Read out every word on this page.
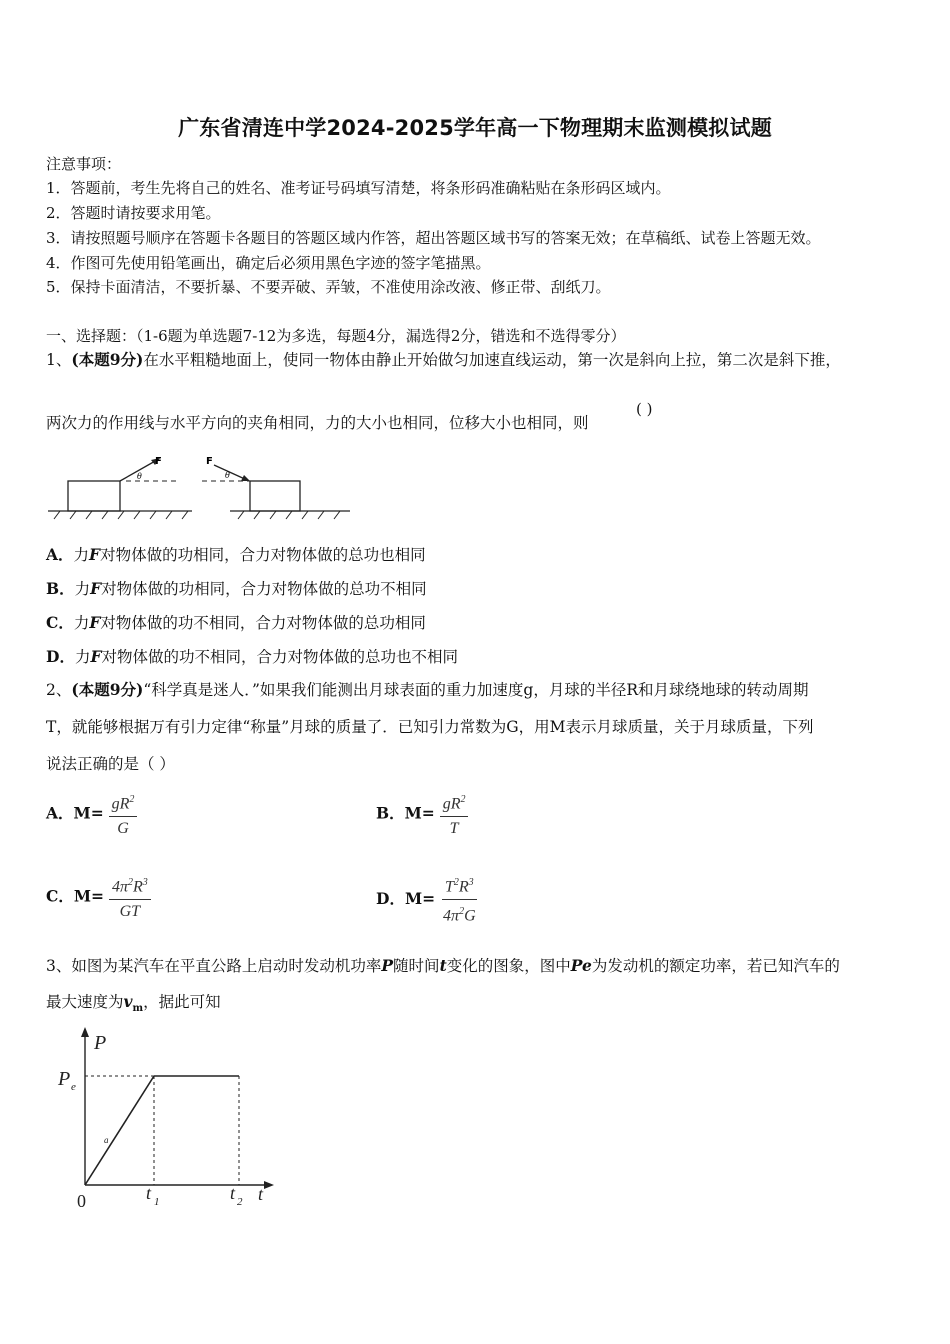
广东省清连中学2024-2025学年高一下物理期末监测模拟试题
注意事项：
1．答题前，考生先将自己的姓名、准考证号码填写清楚，将条形码准确粘贴在条形码区域内。
2．答题时请按要求用笔。
3．请按照题号顺序在答题卡各题目的答题区域内作答，超出答题区域书写的答案无效；在草稿纸、试卷上答题无效。
4．作图可先使用铅笔画出，确定后必须用黑色字迹的签字笔描黑。
5．保持卡面清洁，不要折暴、不要弄破、弄皱，不准使用涂改液、修正带、刮纸刀。
一、选择题：（1-6题为单选题7-12为多选，每题4分，漏选得2分，错选和不选得零分）
1、(本题9分)在水平粗糙地面上，使同一物体由静止开始做匀加速直线运动，第一次是斜向上拉，第二次是斜下推，
两次力的作用线与水平方向的夹角相同，力的大小也相同，位移大小也相同，则
( )
F
θ
F
θ
A．力F对物体做的功相同，合力对物体做的总功也相同
B．力F对物体做的功相同，合力对物体做的总功不相同
C．力F对物体做的功不相同，合力对物体做的总功相同
D．力F对物体做的功不相同，合力对物体做的总功也不相同
2、(本题9分)“科学真是迷人．”如果我们能测出月球表面的重力加速度g，月球的半径R和月球绕地球的转动周期
T，就能够根据万有引力定律“称量”月球的质量了．已知引力常数为G，用M表示月球质量，关于月球质量，下列
说法正确的是（ ）
A．$M= \frac{gR^2}{G}$	B．$M= \frac{gR^2}{T}$
C．$M= \frac{4\pi^2R^3}{GT}$	D．$M= \frac{T^2R^3}{4\pi^2G}$
3、如图为某汽车在平直公路上启动时发动机功率P随时间t变化的图象，图中Pe为发动机的额定功率，若已知汽车的
最大速度为$v_m$，据此可知
P
t
P e
t 1	t 2
a
0
